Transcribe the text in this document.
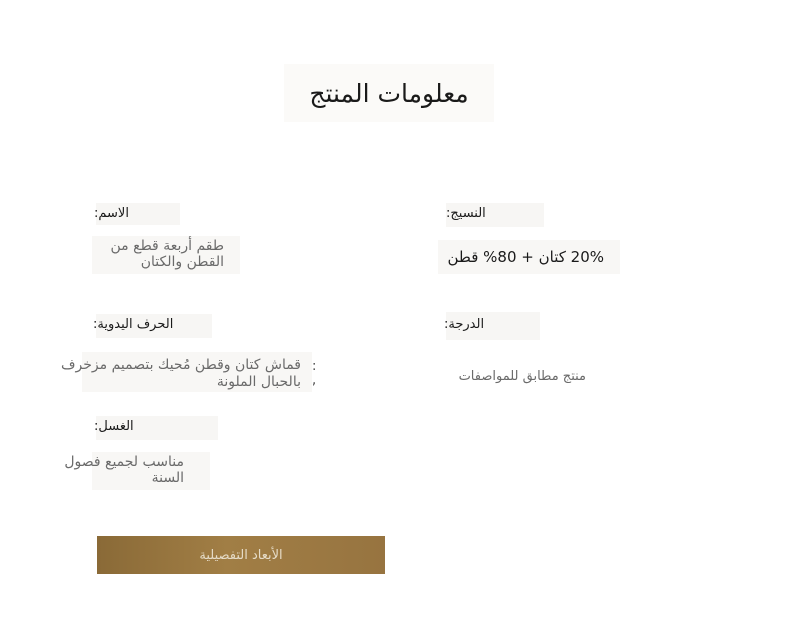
معلومات المنتج
الاسم:
طقم أربعة قطع من القطن والكتان
النسيج:
20% كتان + 80% قطن
الحرف اليدوية:
قماش كتان وقطن مُحيك بتصميم مزخرف بالحبال الملونة
:
,
الدرجة:
منتج مطابق للمواصفات
الغسل:
مناسب لجميع فصول السنة
الأبعاد التفصيلية
